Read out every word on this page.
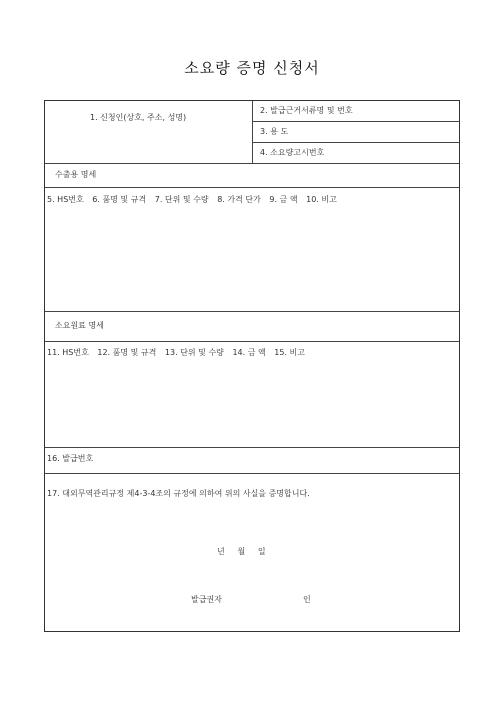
소요량 증명 신청서
1. 신청인(상호, 주소, 성명)
2. 발급근거서류명 및 번호
3. 용 도
4. 소요량고시번호
수출용 명세
5. HS번호 6. 품명 및 규격 7. 단위 및 수량 8. 가격 단가 9. 금 액 10. 비고
소요원료 명세
11. HS번호 12. 품명 및 규격 13. 단위 및 수량 14. 금 액 15. 비고
16. 발급번호
17. 대외무역관리규정 제4-3-4조의 규정에 의하여 위의 사실을 증명합니다.
년     월     일
발급권자	인
